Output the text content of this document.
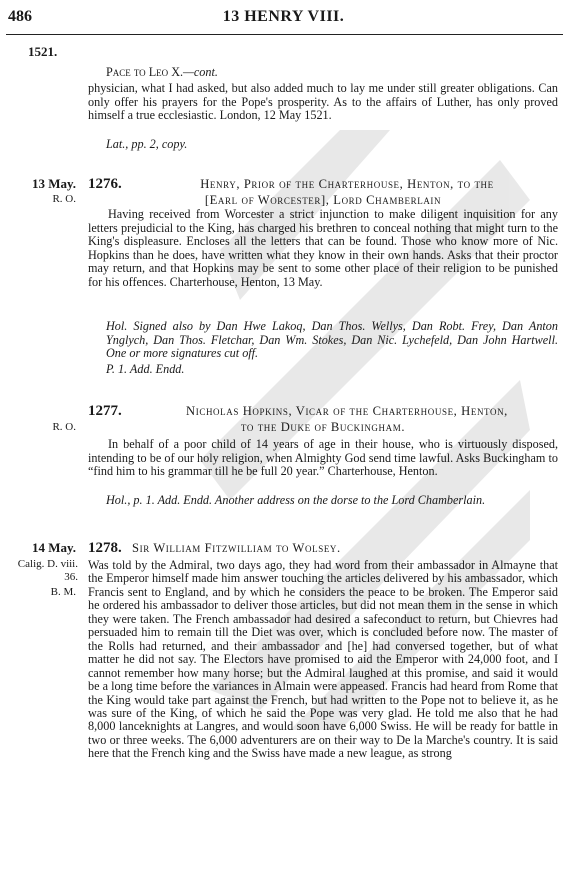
486	13 HENRY VIII.
1521.
Pace to Leo X.—cont.
physician, what I had asked, but also added much to lay me under still greater obligations. Can only offer his prayers for the Pope's prosperity. As to the affairs of Luther, has only proved himself a true ecclesiastic. London, 12 May 1521.
Lat., pp. 2, copy.
13 May.
R. O.
1276.	Henry, Prior of the Charterhouse, Henton, to the
[Earl of Worcester], Lord Chamberlain
Having received from Worcester a strict injunction to make diligent inquisition for any letters prejudicial to the King, has charged his brethren to conceal nothing that might turn to the King's displeasure. Encloses all the letters that can be found. Those who know more of Nic. Hopkins than he does, have written what they know in their own hands. Asks that their proctor may return, and that Hopkins may be sent to some other place of their religion to be punished for his offences. Charterhouse, Henton, 13 May.
Hol. Signed also by Dan Hwe Lakoq, Dan Thos. Wellys, Dan Robt. Frey, Dan Anton Ynglych, Dan Thos. Fletchar, Dan Wm. Stokes, Dan Nic. Lychefeld, Dan John Hartwell. One or more signatures cut off.
P. 1. Add. Endd.
R. O.
1277.	Nicholas Hopkins, Vicar of the Charterhouse, Henton,
to the Duke of Buckingham.
In behalf of a poor child of 14 years of age in their house, who is virtuously disposed, intending to be of our holy religion, when Almighty God send time lawful. Asks Buckingham to “find him to his grammar till he be full 20 year.” Charterhouse, Henton.
Hol., p. 1. Add. Endd. Another address on the dorse to the Lord Chamberlain.
14 May.
Calig. D. viii. 36.
B. M.
1278. Sir William Fitzwilliam to Wolsey.
Was told by the Admiral, two days ago, they had word from their ambassador in Almayne that the Emperor himself made him answer touching the articles delivered by his ambassador, which Francis sent to England, and by which he considers the peace to be broken. The Emperor said he ordered his ambassador to deliver those articles, but did not mean them in the sense in which they were taken. The French ambassador had desired a safeconduct to return, but Chievres had persuaded him to remain till the Diet was over, which is concluded before now. The master of the Rolls had returned, and their ambassador and [he] had conversed together, but of what matter he did not say. The Electors have promised to aid the Emperor with 24,000 foot, and I cannot remember how many horse; but the Admiral laughed at this promise, and said it would be a long time before the variances in Almain were appeased. Francis had heard from Rome that the King would take part against the French, but had written to the Pope not to believe it, as he was sure of the King, of which he said the Pope was very glad. He told me also that he had 8,000 lanceknights at Langres, and would soon have 6,000 Swiss. He will be ready for battle in two or three weeks. The 6,000 adventurers are on their way to De la Marche's country. It is said here that the French king and the Swiss have made a new league, as strong
